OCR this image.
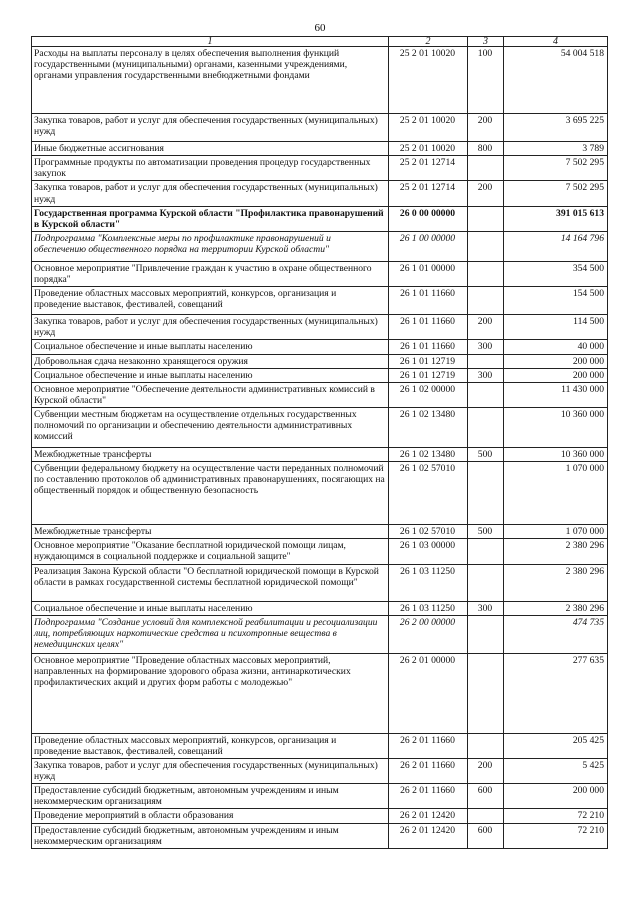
60
1	2	3	4
Расходы на выплаты персоналу в целях обеспечения выполнения функций государственными (муниципальными) органами, казенными учреждениями, органами управления государственными внебюджетными фондами	25 2 01 10020	100	54 004 518
Закупка товаров, работ и услуг для обеспечения государственных (муниципальных) нужд	25 2 01 10020	200	3 695 225
Иные бюджетные ассигнования	25 2 01 10020	800	3 789
Программные продукты по автоматизации проведения процедур государственных закупок	25 2 01 12714		7 502 295
Закупка товаров, работ и услуг для обеспечения государственных (муниципальных) нужд	25 2 01 12714	200	7 502 295
Государственная программа Курской области "Профилактика правонарушений в Курской области"	26 0 00 00000		391 015 613
Подпрограмма "Комплексные меры по профилактике правонарушений и обеспечению общественного порядка на территории Курской области"	26 1 00 00000		14 164 796
Основное мероприятие "Привлечение граждан к участию в охране общественного порядка"	26 1 01 00000		354 500
Проведение областных массовых мероприятий, конкурсов, организация и проведение выставок, фестивалей, совещаний	26 1 01 11660		154 500
Закупка товаров, работ и услуг для обеспечения государственных (муниципальных) нужд	26 1 01 11660	200	114 500
Социальное обеспечение и иные выплаты населению	26 1 01 11660	300	40 000
Добровольная сдача незаконно хранящегося оружия	26 1 01 12719		200 000
Социальное обеспечение и иные выплаты населению	26 1 01 12719	300	200 000
Основное мероприятие "Обеспечение деятельности административных комиссий в Курской области"	26 1 02 00000		11 430 000
Субвенции местным бюджетам на осуществление отдельных государственных полномочий по организации и обеспечению деятельности административных комиссий	26 1 02 13480		10 360 000
Межбюджетные трансферты	26 1 02 13480	500	10 360 000
Субвенции федеральному бюджету на осуществление части переданных полномочий по составлению протоколов об административных правонарушениях, посягающих на общественный порядок и общественную безопасность	26 1 02 57010		1 070 000
Межбюджетные трансферты	26 1 02 57010	500	1 070 000
Основное мероприятие "Оказание бесплатной юридической помощи лицам, нуждающимся в социальной поддержке и социальной защите"	26 1 03 00000		2 380 296
Реализация Закона Курской области "О бесплатной юридической помощи в Курской области в рамках государственной системы бесплатной юридической помощи"	26 1 03 11250		2 380 296
Социальное обеспечение и иные выплаты населению	26 1 03 11250	300	2 380 296
Подпрограмма "Создание условий для комплексной реабилитации и ресоциализации лиц, потребляющих наркотические средства и психотропные вещества в немедицинских целях"	26 2 00 00000		474 735
Основное мероприятие "Проведение областных массовых мероприятий, направленных на формирование здорового образа жизни, антинаркотических профилактических акций и других форм работы с молодежью"	26 2 01 00000		277 635
Проведение областных массовых мероприятий, конкурсов, организация и проведение выставок, фестивалей, совещаний	26 2 01 11660		205 425
Закупка товаров, работ и услуг для обеспечения государственных (муниципальных) нужд	26 2 01 11660	200	5 425
Предоставление субсидий бюджетным, автономным учреждениям и иным некоммерческим организациям	26 2 01 11660	600	200 000
Проведение мероприятий в области образования	26 2 01 12420		72 210
Предоставление субсидий бюджетным, автономным учреждениям и иным некоммерческим организациям	26 2 01 12420	600	72 210
